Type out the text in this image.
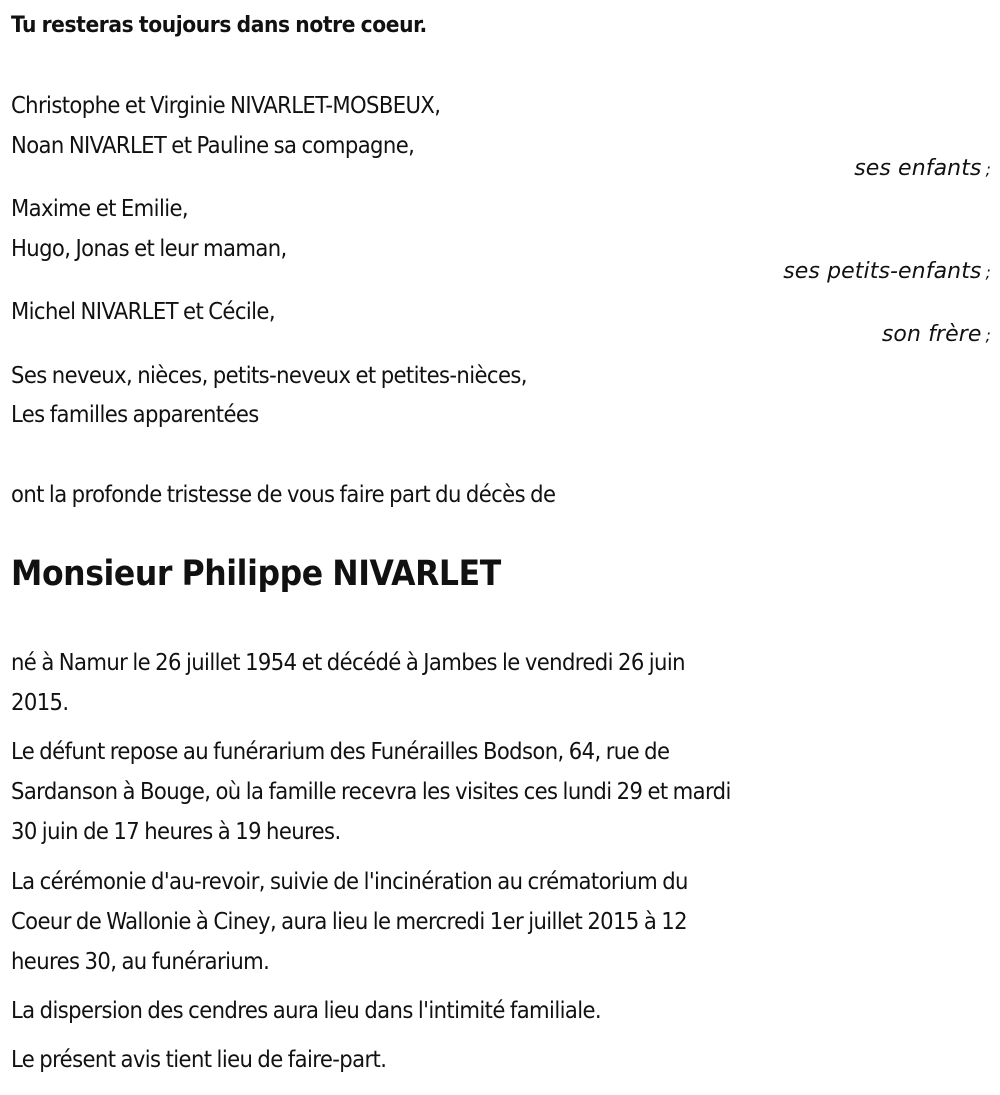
Tu resteras toujours dans notre coeur.
Christophe et Virginie NIVARLET-MOSBEUX,
Noan NIVARLET et Pauline sa compagne,
ses enfants ;
Maxime et Emilie,
Hugo, Jonas et leur maman,
ses petits-enfants ;
Michel NIVARLET et Cécile,
son frère ;
Ses neveux, nièces, petits-neveux et petites-nièces,
Les familles apparentées
ont la profonde tristesse de vous faire part du décès de
Monsieur Philippe NIVARLET
né à Namur le 26 juillet 1954 et décédé à Jambes le vendredi 26 juin
2015.
Le défunt repose au funérarium des Funérailles Bodson, 64, rue de
Sardanson à Bouge, où la famille recevra les visites ces lundi 29 et mardi
30 juin de 17 heures à 19 heures.
La cérémonie d'au-revoir, suivie de l'incinération au crématorium du
Coeur de Wallonie à Ciney, aura lieu le mercredi 1er juillet 2015 à 12
heures 30, au funérarium.
La dispersion des cendres aura lieu dans l'intimité familiale.
Le présent avis tient lieu de faire-part.
